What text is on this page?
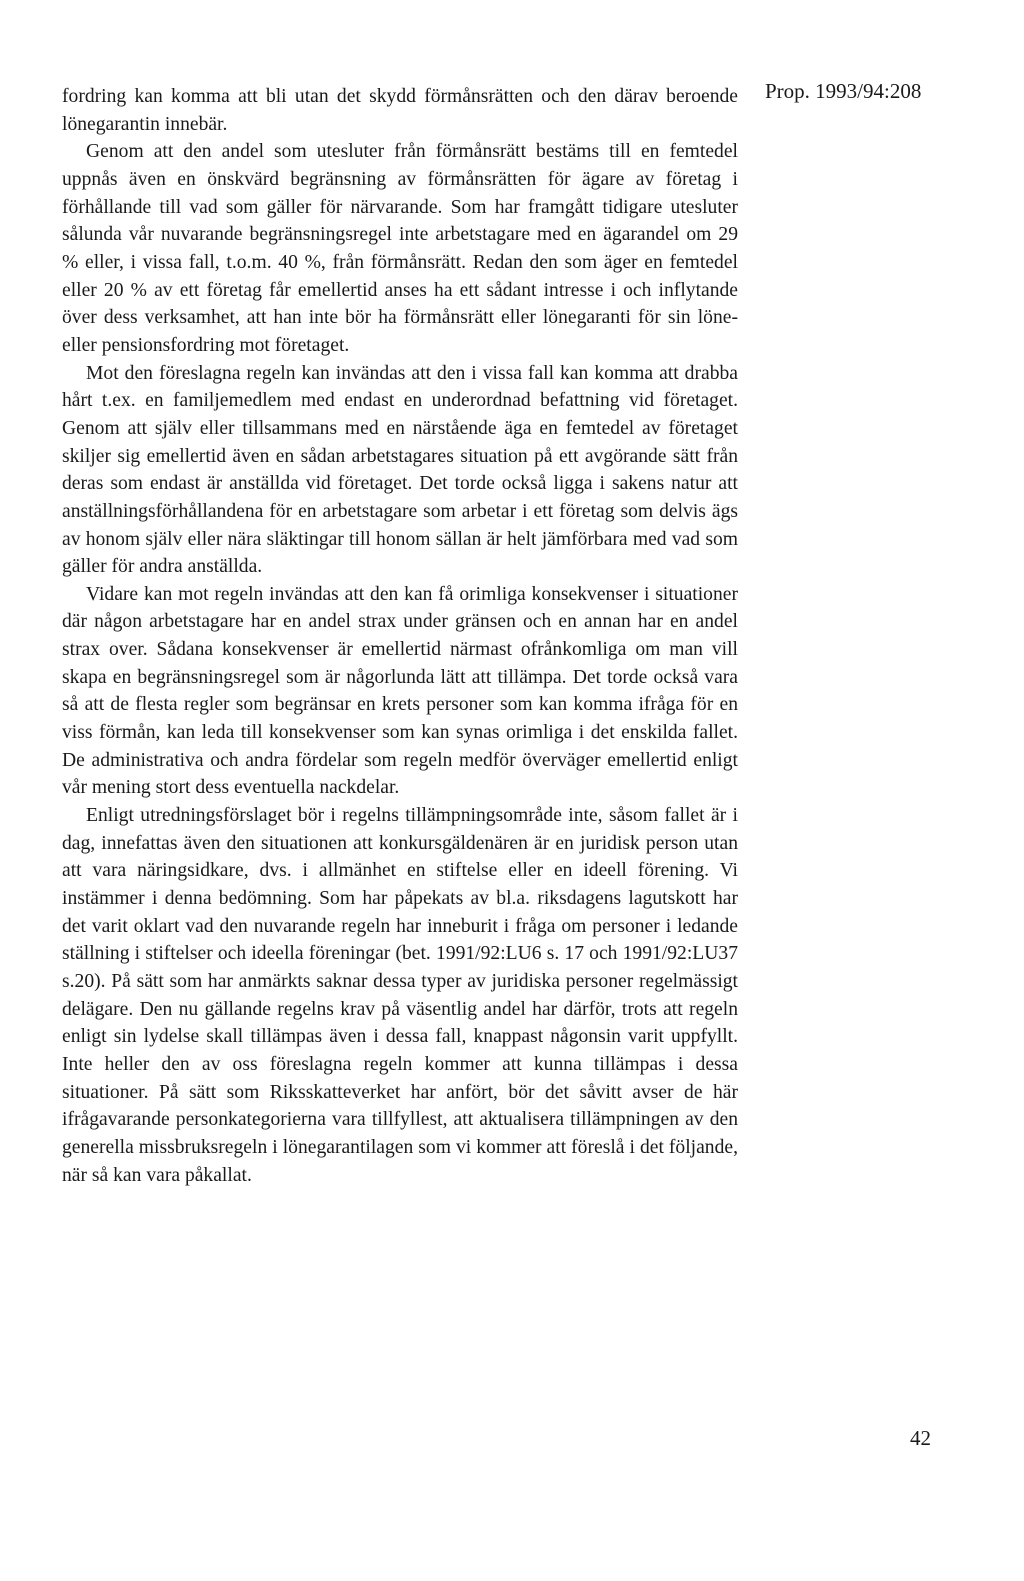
Prop. 1993/94:208

fordring kan komma att bli utan det skydd förmånsrätten och den därav beroende lönegarantin innebär.

Genom att den andel som utesluter från förmånsrätt bestäms till en femtedel uppnås även en önskvärd begränsning av förmånsrätten för ägare av företag i förhållande till vad som gäller för närvarande. Som har framgått tidigare utesluter sålunda vår nuvarande begränsningsregel inte arbetstagare med en ägarandel om 29 % eller, i vissa fall, t.o.m. 40 %, från förmånsrätt. Redan den som äger en femtedel eller 20 % av ett företag får emellertid anses ha ett sådant intresse i och inflytande över dess verksamhet, att han inte bör ha förmånsrätt eller lönegaranti för sin löne- eller pensionsfordring mot företaget.

Mot den föreslagna regeln kan invändas att den i vissa fall kan komma att drabba hårt t.ex. en familjemedlem med endast en underordnad befattning vid företaget. Genom att själv eller tillsammans med en närstående äga en femtedel av företaget skiljer sig emellertid även en sådan arbetstagares situation på ett avgörande sätt från deras som endast är anställda vid företaget. Det torde också ligga i sakens natur att anställningsförhållandena för en arbetstagare som arbetar i ett företag som delvis ägs av honom själv eller nära släktingar till honom sällan är helt jämförbara med vad som gäller för andra anställda.

Vidare kan mot regeln invändas att den kan få orimliga konsekvenser i situationer där någon arbetstagare har en andel strax under gränsen och en annan har en andel strax over. Sådana konsekvenser är emellertid närmast ofrånkomliga om man vill skapa en begränsningsregel som är någorlunda lätt att tillämpa. Det torde också vara så att de flesta regler som begränsar en krets personer som kan komma ifråga för en viss förmån, kan leda till konsekvenser som kan synas orimliga i det enskilda fallet. De administrativa och andra fördelar som regeln medför överväger emellertid enligt vår mening stort dess eventuella nackdelar.

Enligt utredningsförslaget bör i regelns tillämpningsområde inte, såsom fallet är i dag, innefattas även den situationen att konkursgäldenären är en juridisk person utan att vara näringsidkare, dvs. i allmänhet en stiftelse eller en ideell förening. Vi instämmer i denna bedömning. Som har påpekats av bl.a. riksdagens lagutskott har det varit oklart vad den nuvarande regeln har inneburit i fråga om personer i ledande ställning i stiftelser och ideella föreningar (bet. 1991/92:LU6 s. 17 och 1991/92:LU37 s.20). På sätt som har anmärkts saknar dessa typer av juridiska personer regelmässigt delägare. Den nu gällande regelns krav på väsentlig andel har därför, trots att regeln enligt sin lydelse skall tillämpas även i dessa fall, knappast någonsin varit uppfyllt. Inte heller den av oss föreslagna regeln kommer att kunna tillämpas i dessa situationer. På sätt som Riksskatteverket har anfört, bör det såvitt avser de här ifrågavarande personkategorierna vara tillfyllest, att aktualisera tillämpningen av den generella missbruksregeln i lönegarantilagen som vi kommer att föreslå i det följande, när så kan vara påkallat.

42
